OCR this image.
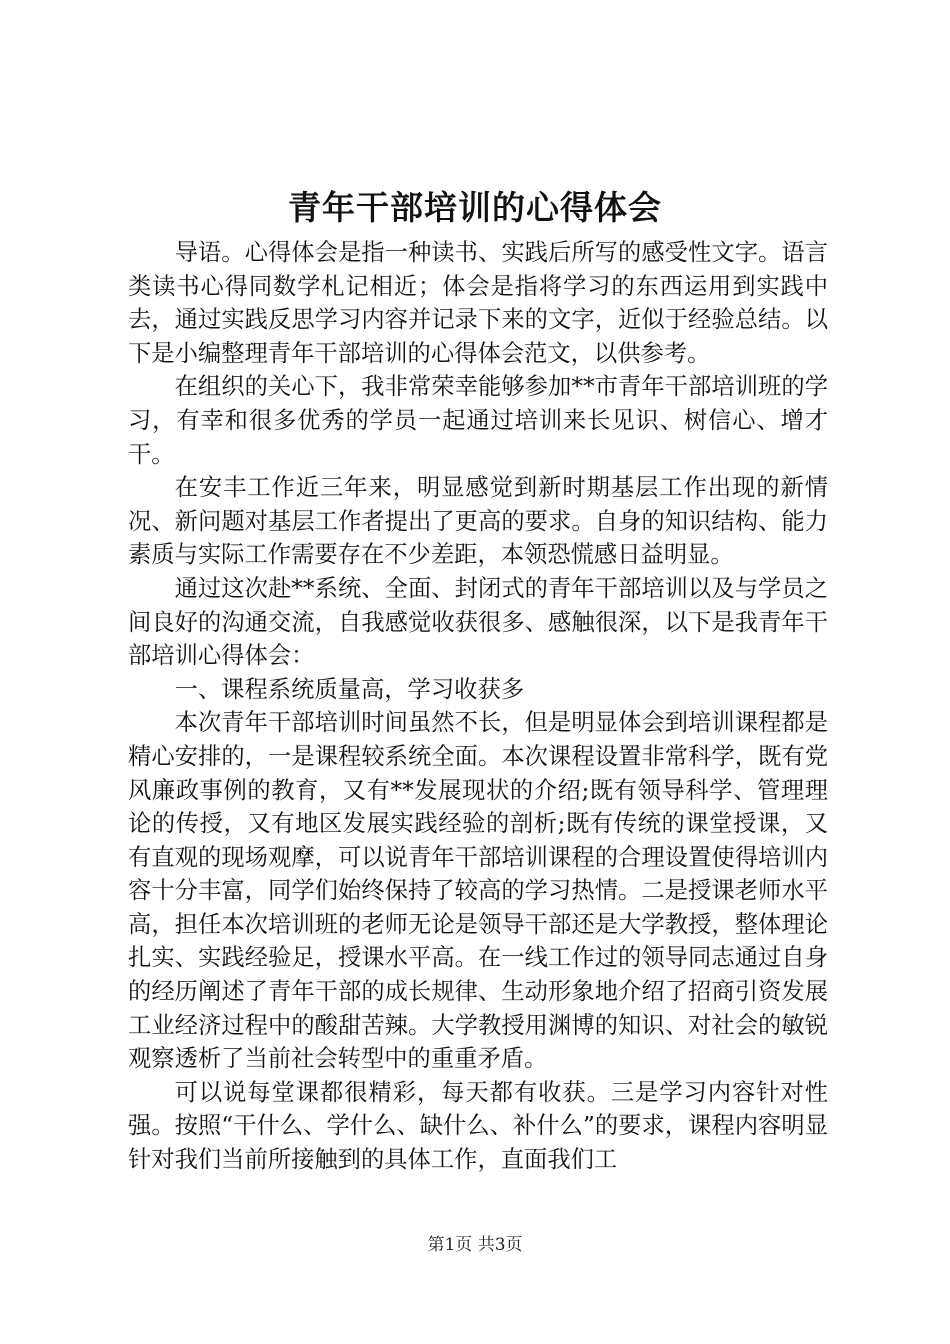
青年干部培训的心得体会

导语。心得体会是指一种读书、实践后所写的感受性文字。语言类读书心得同数学札记相近；体会是指将学习的东西运用到实践中去，通过实践反思学习内容并记录下来的文字，近似于经验总结。以下是小编整理青年干部培训的心得体会范文，以供参考。

在组织的关心下，我非常荣幸能够参加**市青年干部培训班的学习，有幸和很多优秀的学员一起通过培训来长见识、树信心、增才干。

在安丰工作近三年来，明显感觉到新时期基层工作出现的新情况、新问题对基层工作者提出了更高的要求。自身的知识结构、能力素质与实际工作需要存在不少差距，本领恐慌感日益明显。

通过这次赴**系统、全面、封闭式的青年干部培训以及与学员之间良好的沟通交流，自我感觉收获很多、感触很深，以下是我青年干部培训心得体会：

一、课程系统质量高，学习收获多

本次青年干部培训时间虽然不长，但是明显体会到培训课程都是精心安排的，一是课程较系统全面。本次课程设置非常科学，既有党风廉政事例的教育，又有**发展现状的介绍;既有领导科学、管理理论的传授，又有地区发展实践经验的剖析;既有传统的课堂授课，又有直观的现场观摩，可以说青年干部培训课程的合理设置使得培训内容十分丰富，同学们始终保持了较高的学习热情。二是授课老师水平高，担任本次培训班的老师无论是领导干部还是大学教授，整体理论扎实、实践经验足，授课水平高。在一线工作过的领导同志通过自身的经历阐述了青年干部的成长规律、生动形象地介绍了招商引资发展工业经济过程中的酸甜苦辣。大学教授用渊博的知识、对社会的敏锐观察透析了当前社会转型中的重重矛盾。

可以说每堂课都很精彩，每天都有收获。三是学习内容针对性强。按照“干什么、学什么、缺什么、补什么”的要求，课程内容明显针对我们当前所接触到的具体工作，直面我们工

第1页 共3页
